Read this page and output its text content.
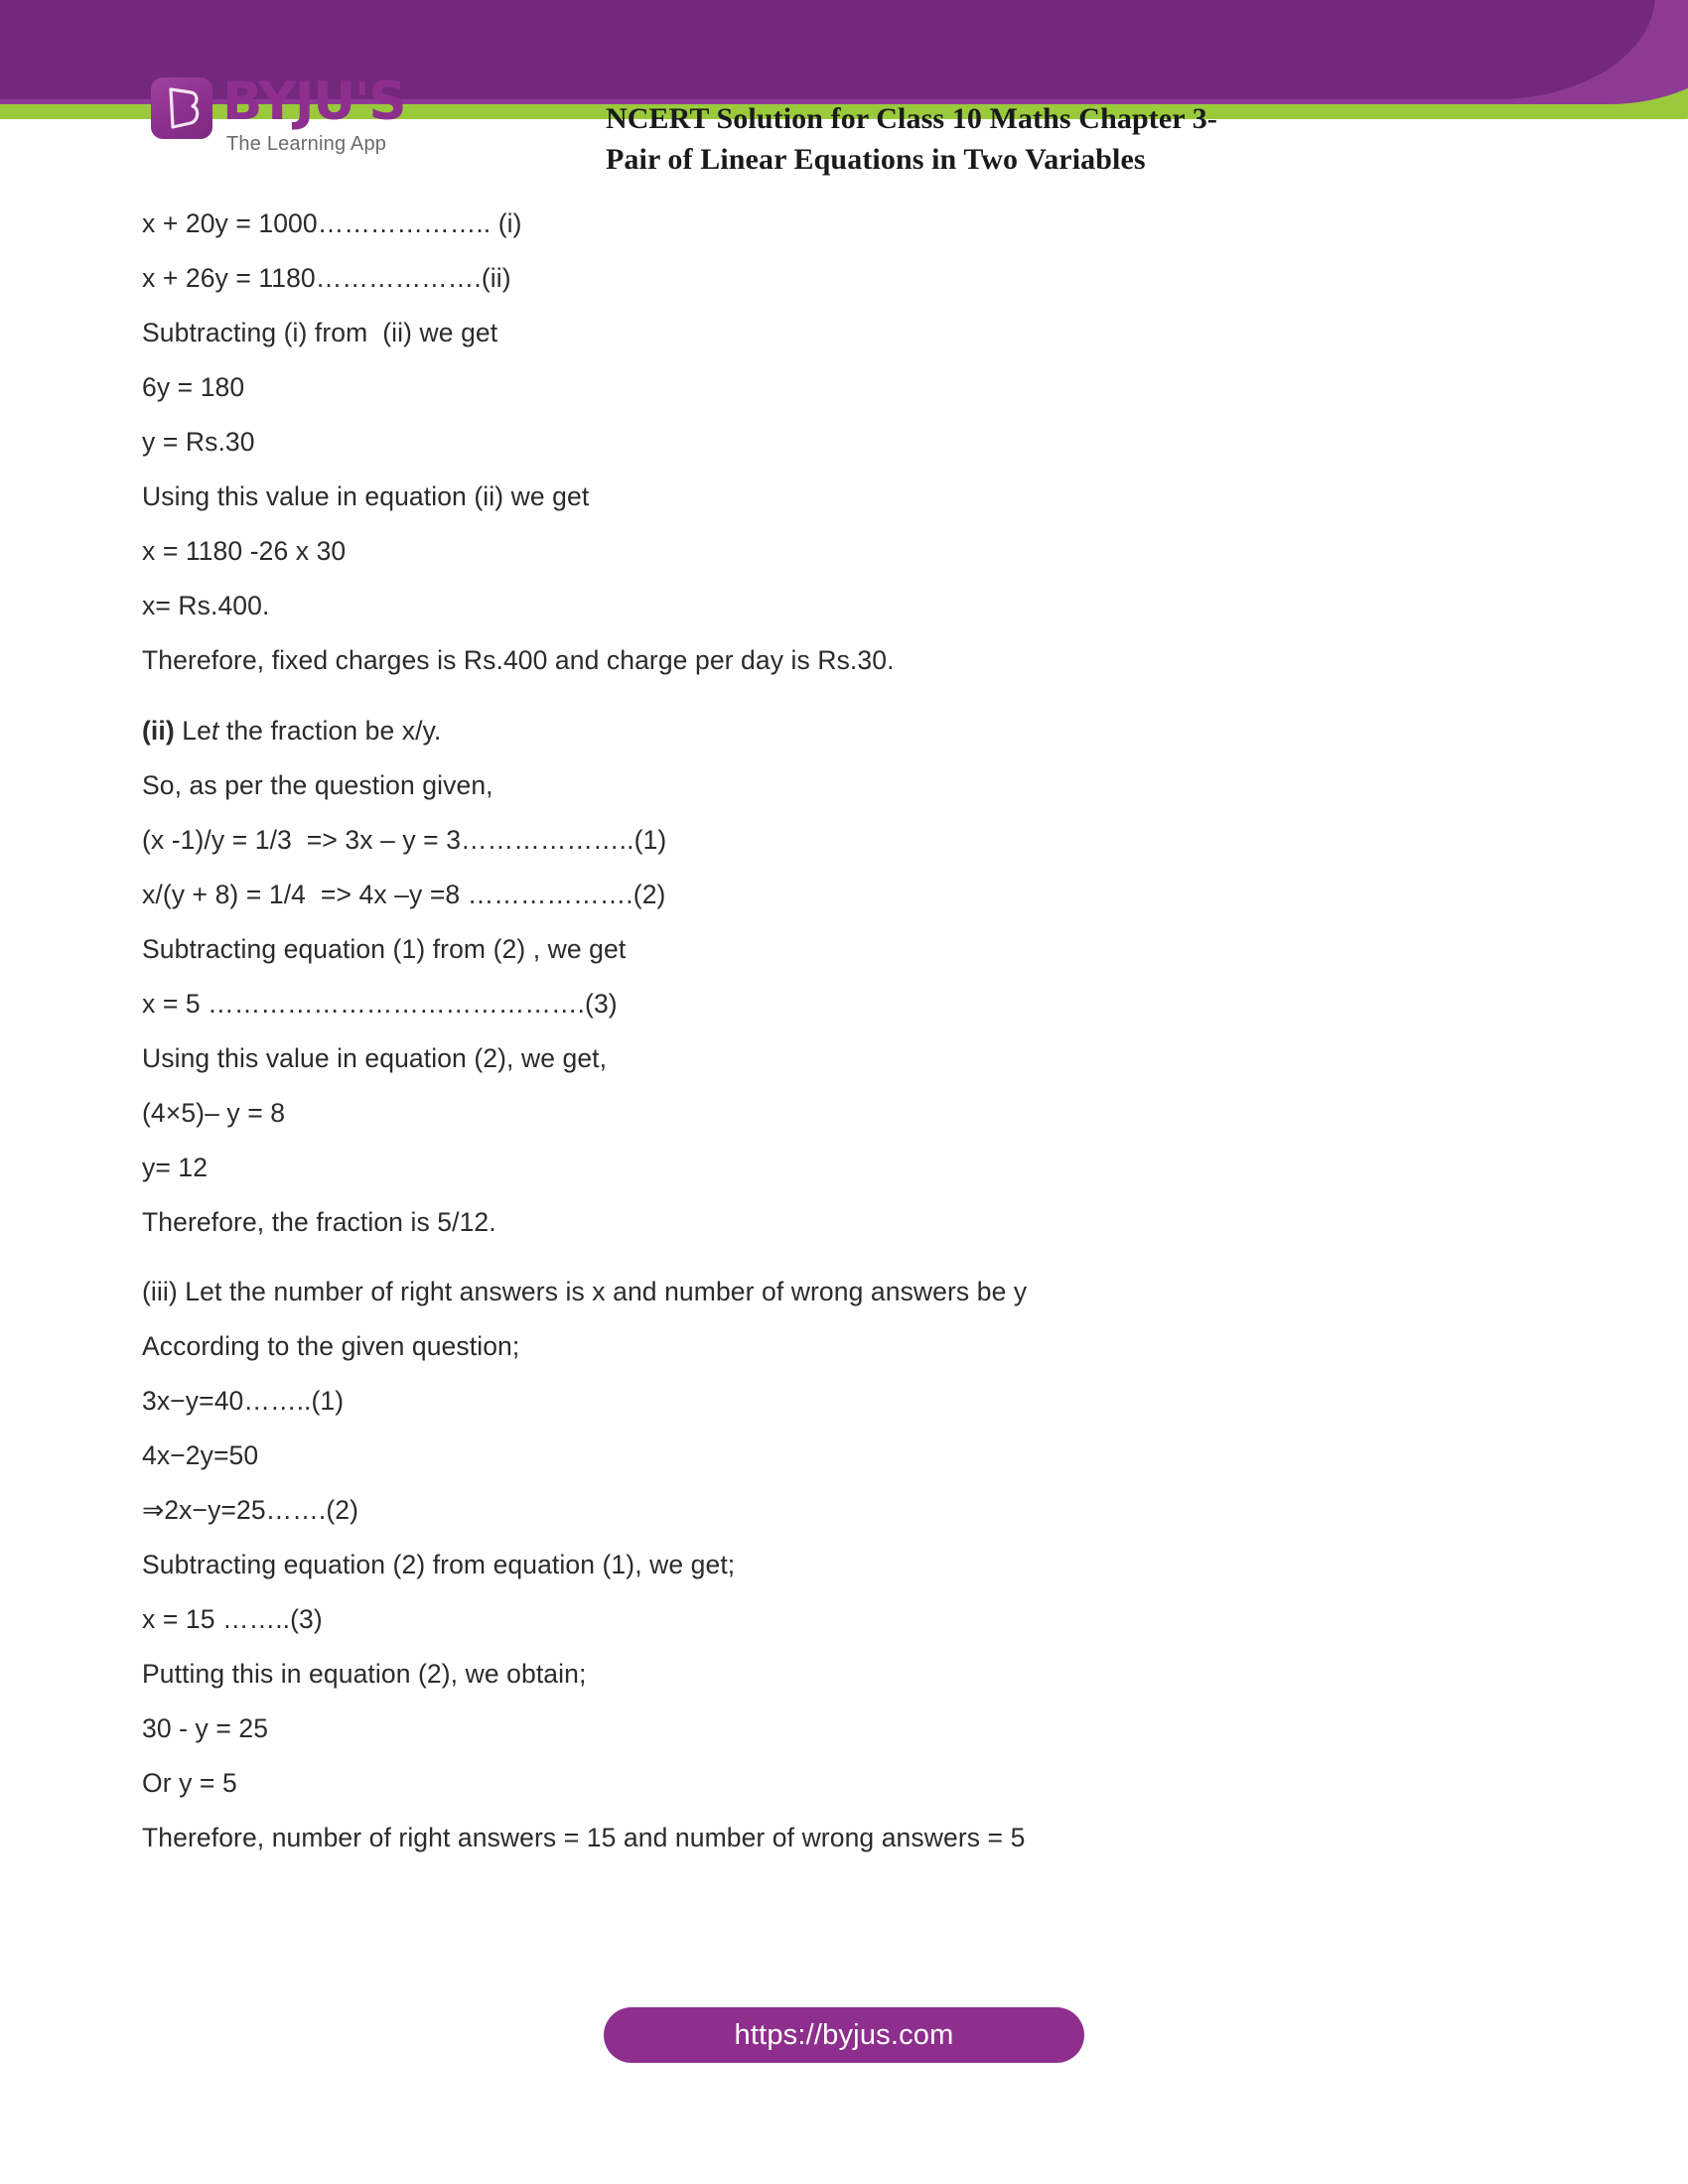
BYJU'S
The Learning App
NCERT Solution for Class 10 Maths Chapter 3-
Pair of Linear Equations in Two Variables

x + 20y = 1000……………….. (i)

x + 26y = 1180……………….(ii)

Subtracting (i) from  (ii) we get

6y = 180

y = Rs.30

Using this value in equation (ii) we get

x = 1180 -26 x 30

x= Rs.400.

Therefore, fixed charges is Rs.400 and charge per day is Rs.30.

(ii) Let the fraction be x/y.

So, as per the question given,

(x -1)/y = 1/3  => 3x – y = 3………………..(1)

x/(y + 8) = 1/4  => 4x –y =8 ……………….(2)

Subtracting equation (1) from (2) , we get

x = 5 …………………………………….(3)

Using this value in equation (2), we get,

(4×5)– y = 8

y= 12

Therefore, the fraction is 5/12.

(iii) Let the number of right answers is x and number of wrong answers be y

According to the given question;

3x−y=40……..(1)

4x−2y=50

⇒2x−y=25…….(2)

Subtracting equation (2) from equation (1), we get;

x = 15 ……..(3)

Putting this in equation (2), we obtain;

30 - y = 25

Or y = 5

Therefore, number of right answers = 15 and number of wrong answers = 5

https://byjus.com
